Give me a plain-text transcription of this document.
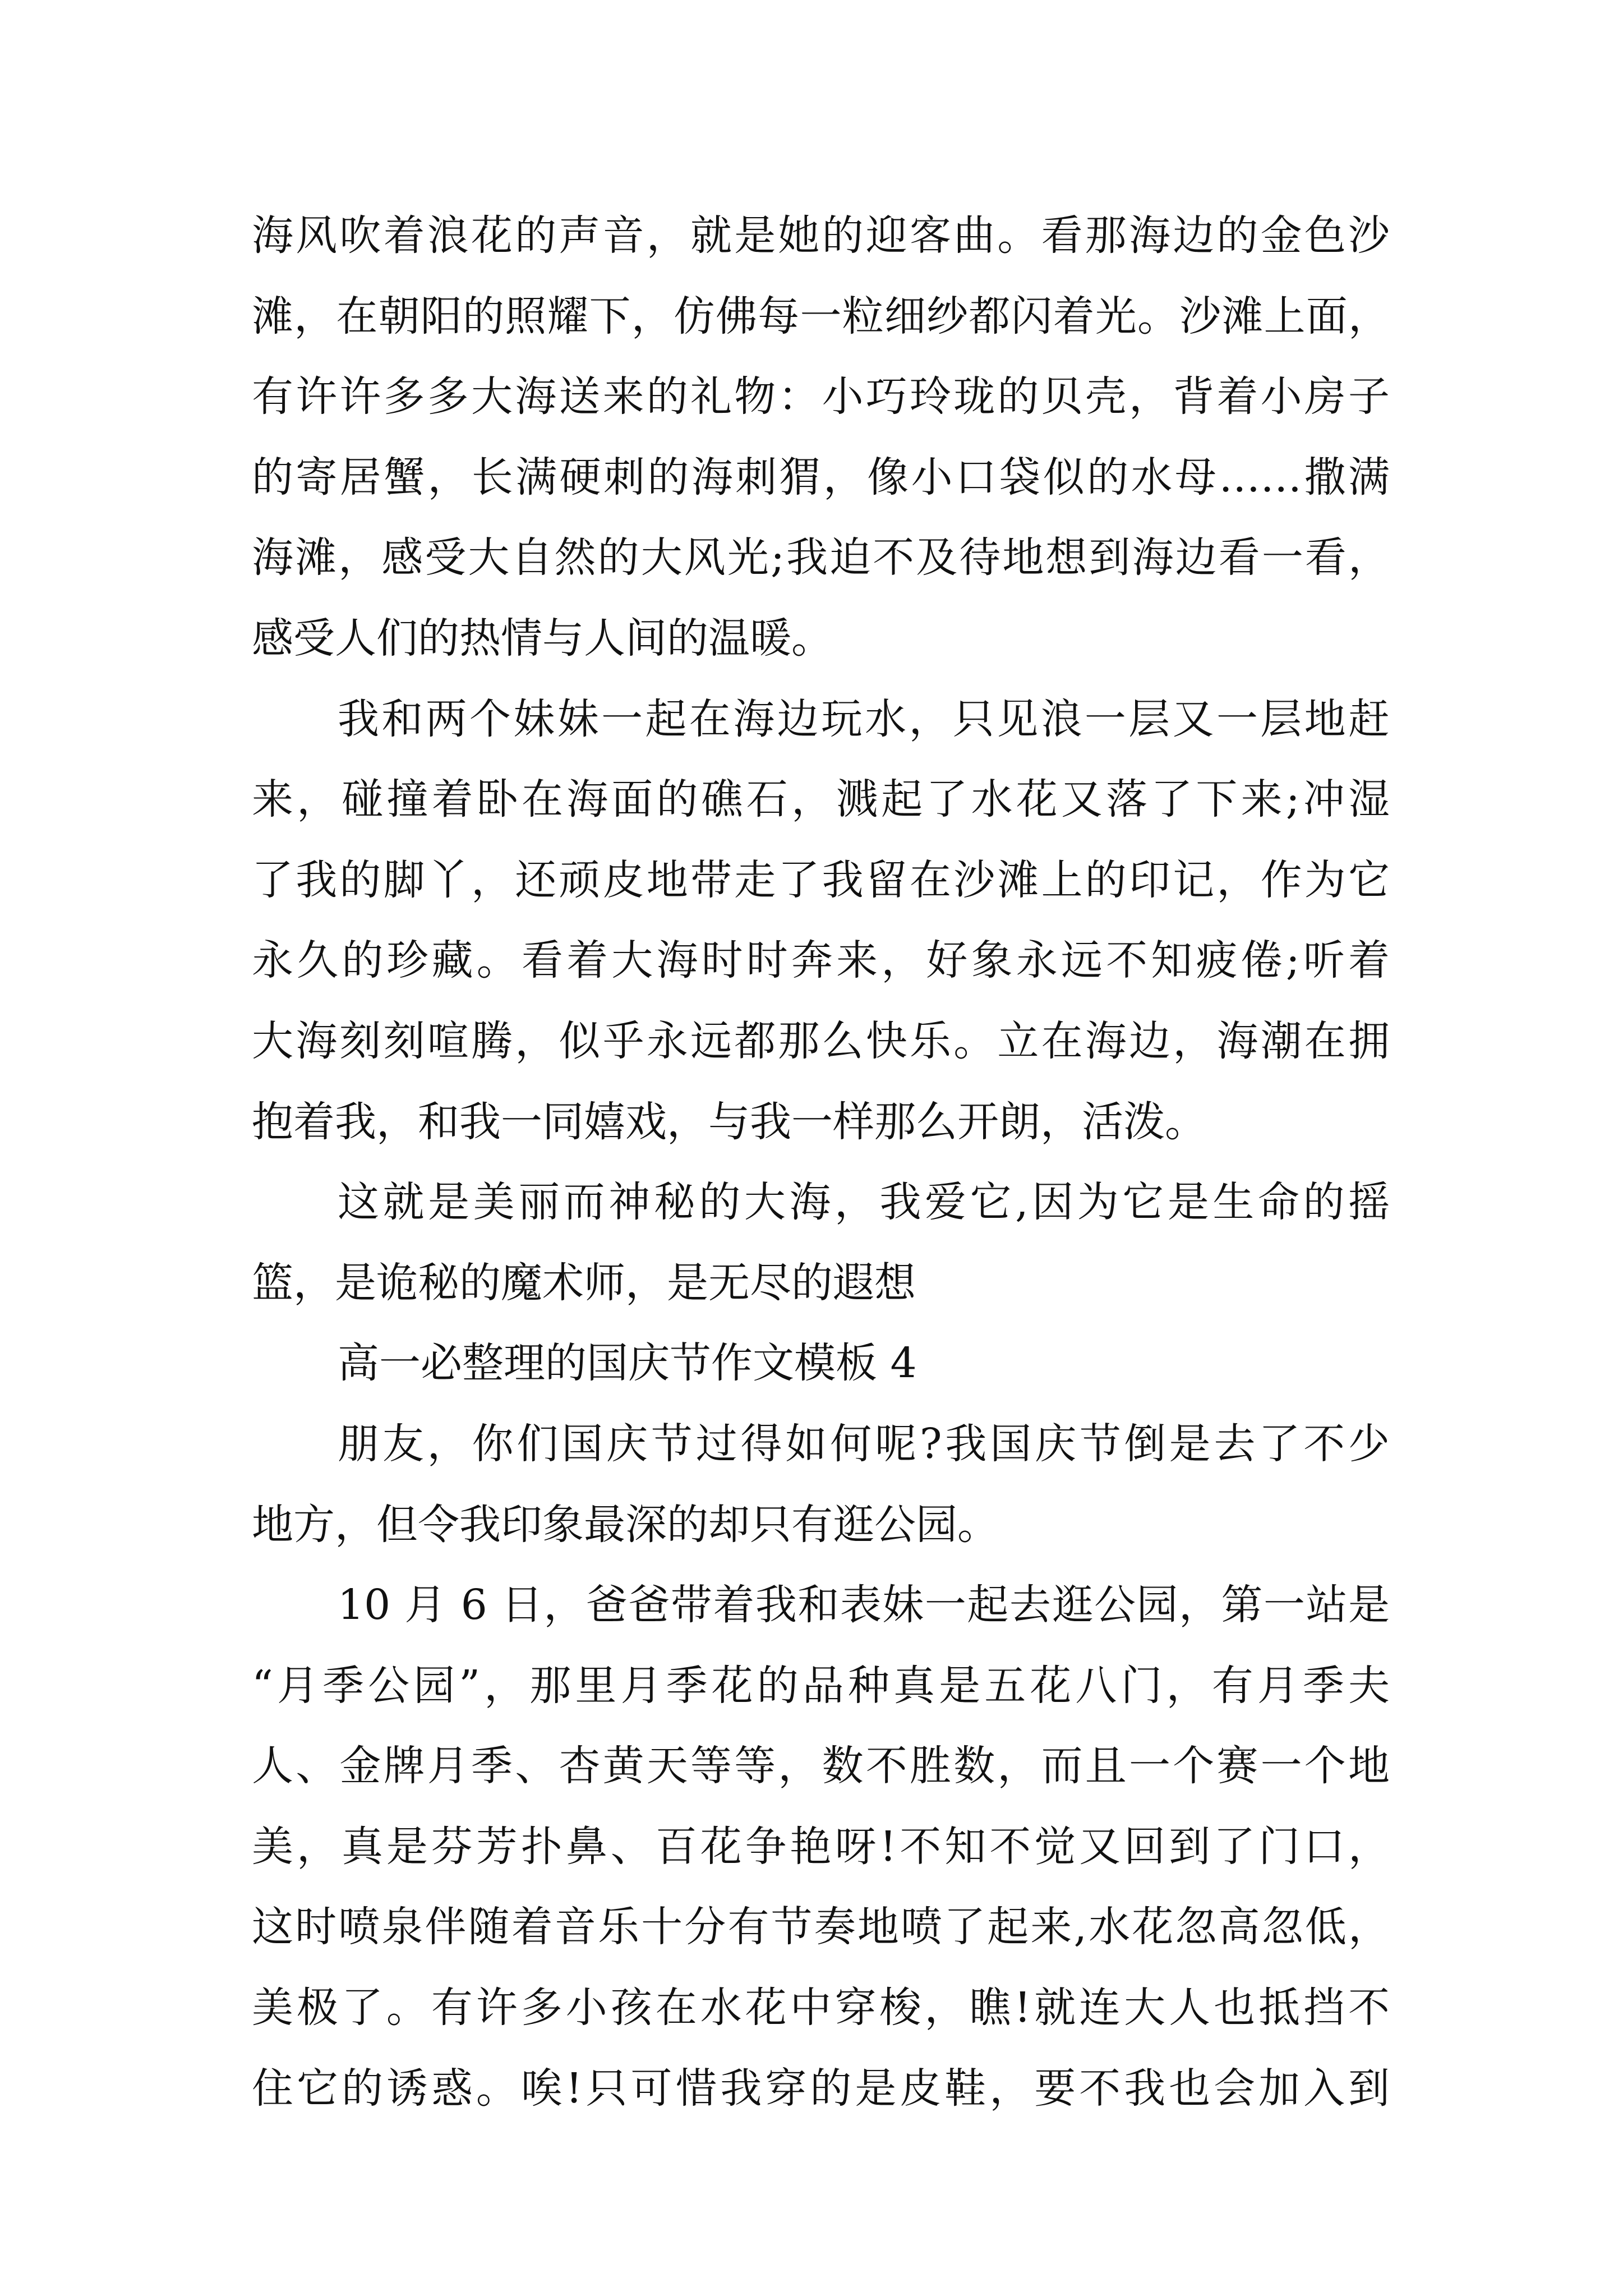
海风吹着浪花的声音，就是她的迎客曲。看那海边的金色沙
滩，在朝阳的照耀下，仿佛每一粒细纱都闪着光。沙滩上面，
有许许多多大海送来的礼物：小巧玲珑的贝壳，背着小房子
的寄居蟹，长满硬刺的海刺猬，像小口袋似的水母……撒满
海滩，感受大自然的大风光;我迫不及待地想到海边看一看，
感受人们的热情与人间的温暖。
我和两个妹妹一起在海边玩水，只见浪一层又一层地赶
来，碰撞着卧在海面的礁石，溅起了水花又落了下来;冲湿
了我的脚丫，还顽皮地带走了我留在沙滩上的印记，作为它
永久的珍藏。看着大海时时奔来，好象永远不知疲倦;听着
大海刻刻喧腾，似乎永远都那么快乐。立在海边，海潮在拥
抱着我，和我一同嬉戏，与我一样那么开朗，活泼。
这就是美丽而神秘的大海，我爱它,因为它是生命的摇
篮，是诡秘的魔术师，是无尽的遐想
高一必整理的国庆节作文模板 4
朋友，你们国庆节过得如何呢?我国庆节倒是去了不少
地方，但令我印象最深的却只有逛公园。
10 月 6 日，爸爸带着我和表妹一起去逛公园，第一站是
“月季公园”，那里月季花的品种真是五花八门，有月季夫
人、金牌月季、杏黄天等等，数不胜数，而且一个赛一个地
美，真是芬芳扑鼻、百花争艳呀!不知不觉又回到了门口，
这时喷泉伴随着音乐十分有节奏地喷了起来,水花忽高忽低，
美极了。有许多小孩在水花中穿梭，瞧!就连大人也抵挡不
住它的诱惑。唉!只可惜我穿的是皮鞋，要不我也会加入到
